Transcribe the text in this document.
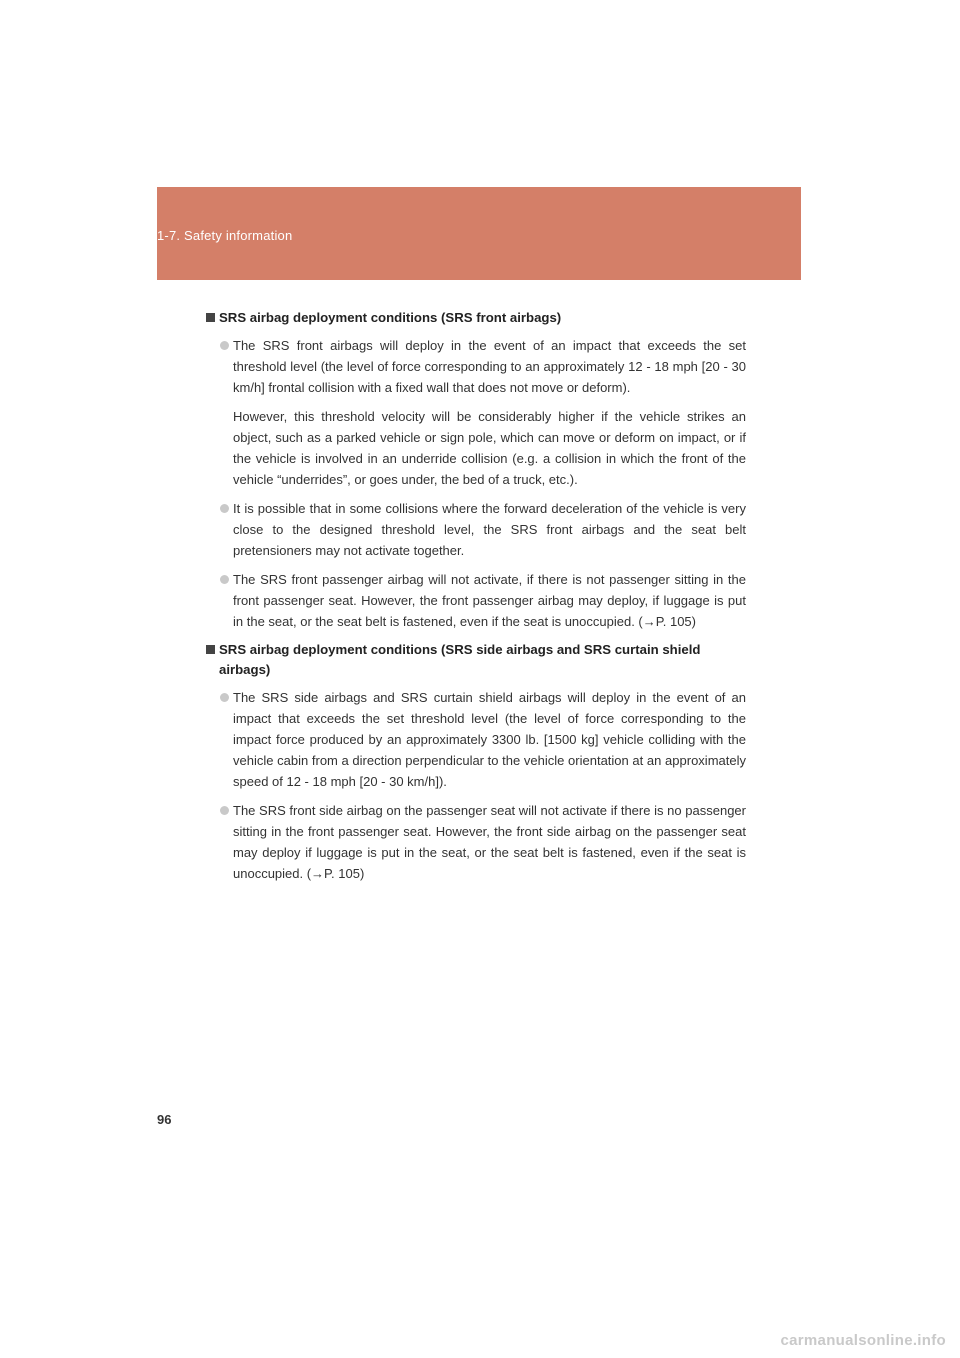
1-7. Safety information
SRS airbag deployment conditions (SRS front airbags)

The SRS front airbags will deploy in the event of an impact that exceeds the set threshold level (the level of force corresponding to an approximately 12 - 18 mph [20 - 30 km/h] frontal collision with a fixed wall that does not move or deform).

However, this threshold velocity will be considerably higher if the vehicle strikes an object, such as a parked vehicle or sign pole, which can move or deform on impact, or if the vehicle is involved in an underride collision (e.g. a collision in which the front of the vehicle “underrides”, or goes under, the bed of a truck, etc.).

It is possible that in some collisions where the forward deceleration of the vehicle is very close to the designed threshold level, the SRS front airbags and the seat belt pretensioners may not activate together.

The SRS front passenger airbag will not activate, if there is not passenger sitting in the front passenger seat. However, the front passenger airbag may deploy, if luggage is put in the seat, or the seat belt is fastened, even if the seat is unoccupied. (→P. 105)

SRS airbag deployment conditions (SRS side airbags and SRS curtain shield airbags)

The SRS side airbags and SRS curtain shield airbags will deploy in the event of an impact that exceeds the set threshold level (the level of force corresponding to the impact force produced by an approximately 3300 lb. [1500 kg] vehicle colliding with the vehicle cabin from a direction perpendicular to the vehicle orientation at an approximately speed of 12 - 18 mph [20 - 30 km/h]).

The SRS front side airbag on the passenger seat will not activate if there is no passenger sitting in the front passenger seat. However, the front side airbag on the passenger seat may deploy if luggage is put in the seat, or the seat belt is fastened, even if the seat is unoccupied. (→P. 105)

96
carmanualsonline.info
